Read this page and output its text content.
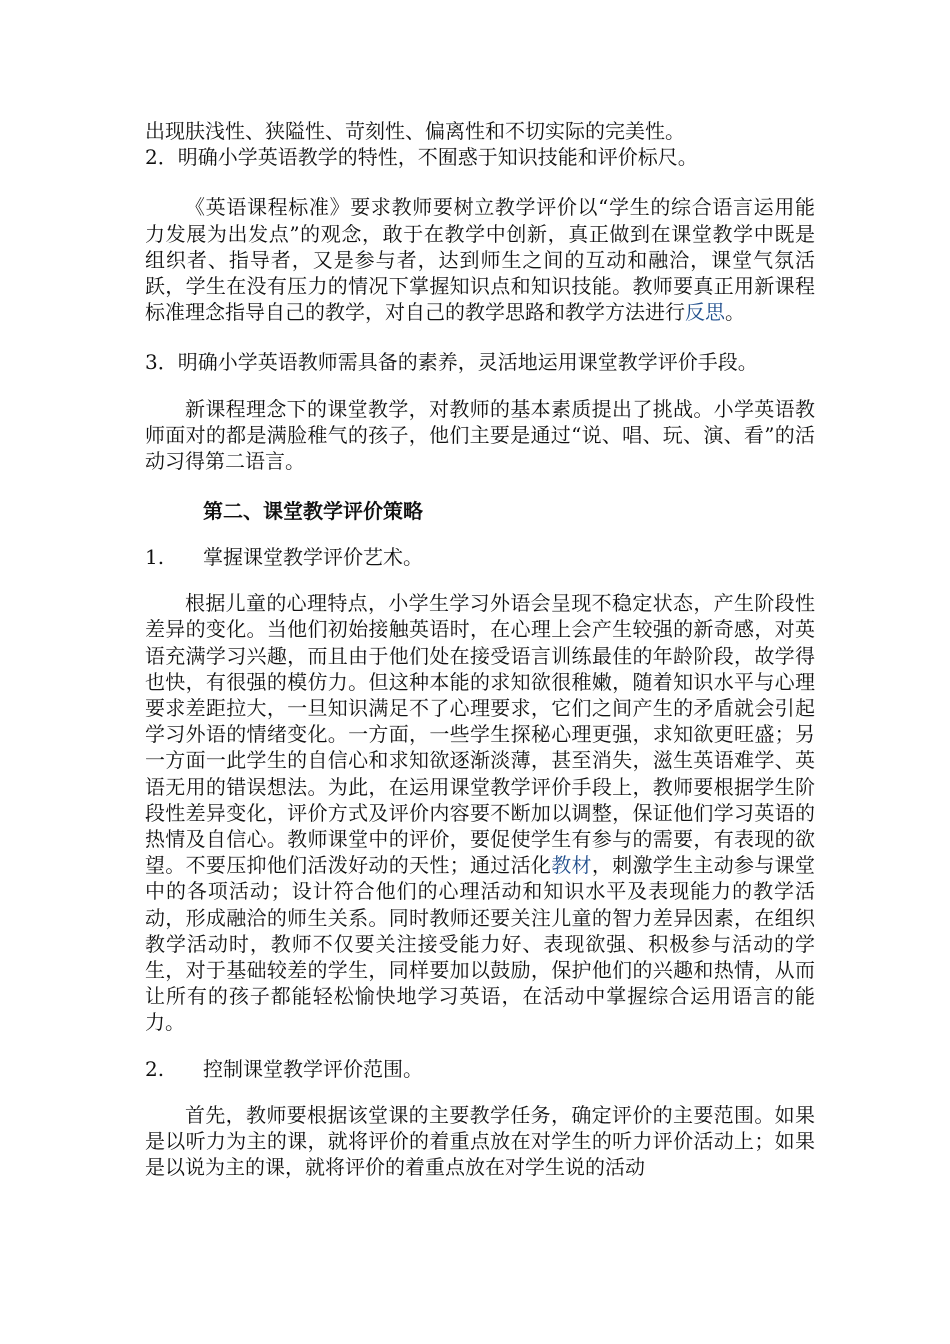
出现肤浅性、狭隘性、苛刻性、偏离性和不切实际的完美性。
2．明确小学英语教学的特性，不囿惑于知识技能和评价标尺。

《英语课程标准》要求教师要树立教学评价以“学生的综合语言运用能力发展为出发点”的观念，敢于在教学中创新，真正做到在课堂教学中既是组织者、指导者，又是参与者，达到师生之间的互动和融洽，课堂气氛活跃，学生在没有压力的情况下掌握知识点和知识技能。教师要真正用新课程标准理念指导自己的教学，对自己的教学思路和教学方法进行反思。

3．明确小学英语教师需具备的素养，灵活地运用课堂教学评价手段。

新课程理念下的课堂教学，对教师的基本素质提出了挑战。小学英语教师面对的都是满脸稚气的孩子，他们主要是通过“说、唱、玩、演、看”的活动习得第二语言。

第二、课堂教学评价策略
1. 掌握课堂教学评价艺术。

根据儿童的心理特点，小学生学习外语会呈现不稳定状态，产生阶段性差异的变化。当他们初始接触英语时，在心理上会产生较强的新奇感，对英语充满学习兴趣，而且由于他们处在接受语言训练最佳的年龄阶段，故学得也快，有很强的模仿力。但这种本能的求知欲很稚嫩，随着知识水平与心理要求差距拉大，一旦知识满足不了心理要求，它们之间产生的矛盾就会引起学习外语的情绪变化。一方面，一些学生探秘心理更强，求知欲更旺盛；另一方面一此学生的自信心和求知欲逐渐淡薄，甚至消失，滋生英语难学、英语无用的错误想法。为此，在运用课堂教学评价手段上，教师要根据学生阶段性差异变化，评价方式及评价内容要不断加以调整，保证他们学习英语的热情及自信心。教师课堂中的评价，要促使学生有参与的需要，有表现的欲望。不要压抑他们活泼好动的天性；通过活化教材，刺激学生主动参与课堂中的各项活动；设计符合他们的心理活动和知识水平及表现能力的教学活动，形成融洽的师生关系。同时教师还要关注儿童的智力差异因素，在组织教学活动时，教师不仅要关注接受能力好、表现欲强、积极参与活动的学生，对于基础较差的学生，同样要加以鼓励，保护他们的兴趣和热情，从而让所有的孩子都能轻松愉快地学习英语，在活动中掌握综合运用语言的能力。

2. 控制课堂教学评价范围。

首先，教师要根据该堂课的主要教学任务，确定评价的主要范围。如果是以听力为主的课，就将评价的着重点放在对学生的听力评价活动上；如果是以说为主的课，就将评价的着重点放在对学生说的活动
